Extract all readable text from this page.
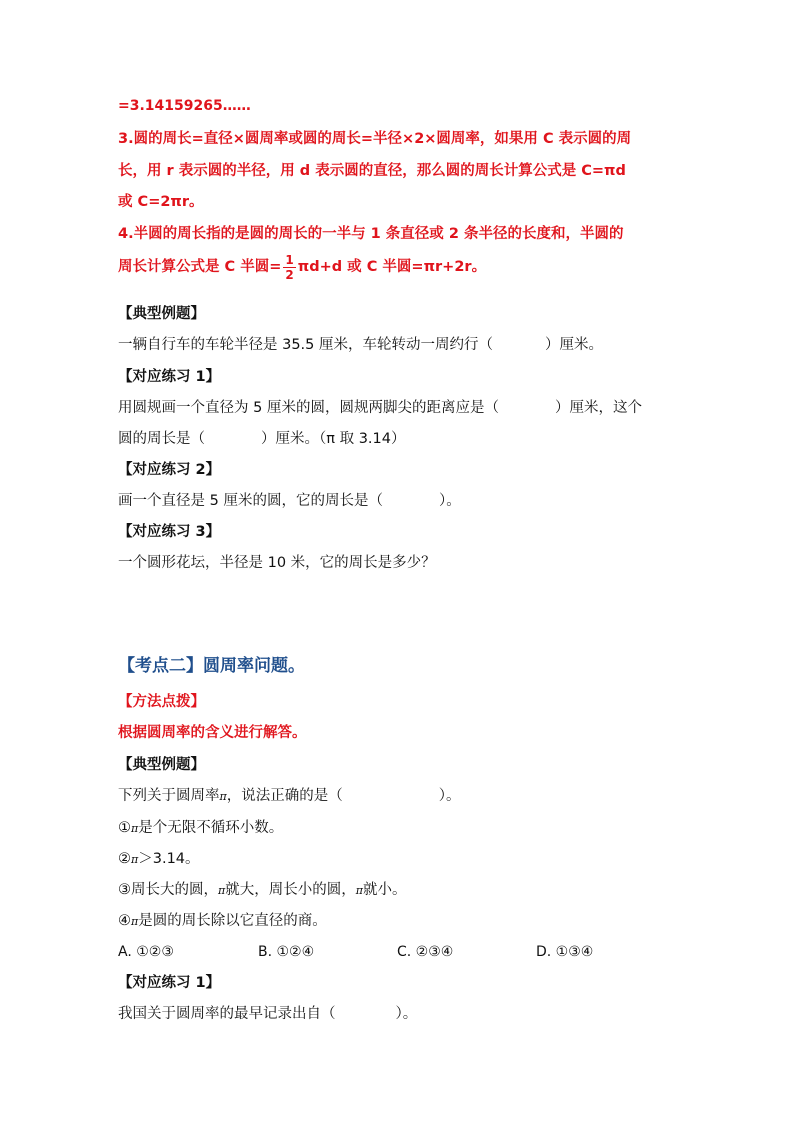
=3.14159265……
3.圆的周长=直径×圆周率或圆的周长=半径×2×圆周率，如果用 C 表示圆的周
长，用 r 表示圆的半径，用 d 表示圆的直径，那么圆的周长计算公式是 C=πd
或 C=2πr。
4.半圆的周长指的是圆的周长的一半与 1 条直径或 2 条半径的长度和，半圆的
周长计算公式是 C 半圆= $\frac{1}{2} \pi d+d$ 或 C 半圆=πr+2r。
【典型例题】
一辆自行车的车轮半径是 35.5 厘米，车轮转动一周约行（	）厘米。
【对应练习 1】
用圆规画一个直径为 5 厘米的圆，圆规两脚尖的距离应是（	）厘米，这个
圆的周长是（	）厘米。（π 取 3.14）
【对应练习 2】
画一个直径是 5 厘米的圆，它的周长是（	）。
【对应练习 3】
一个圆形花坛，半径是 10 米，它的周长是多少？
【考点二】圆周率问题。
【方法点拨】
根据圆周率的含义进行解答。
【典型例题】
下列关于圆周率π，说法正确的是（	）。
①π是个无限不循环小数。
②π＞3.14。
③周长大的圆，π就大，周长小的圆，π就小。
④π是圆的周长除以它直径的商。
A. ①②③	B. ①②④	C. ②③④	D. ①③④
【对应练习 1】
我国关于圆周率的最早记录出自（	）。
